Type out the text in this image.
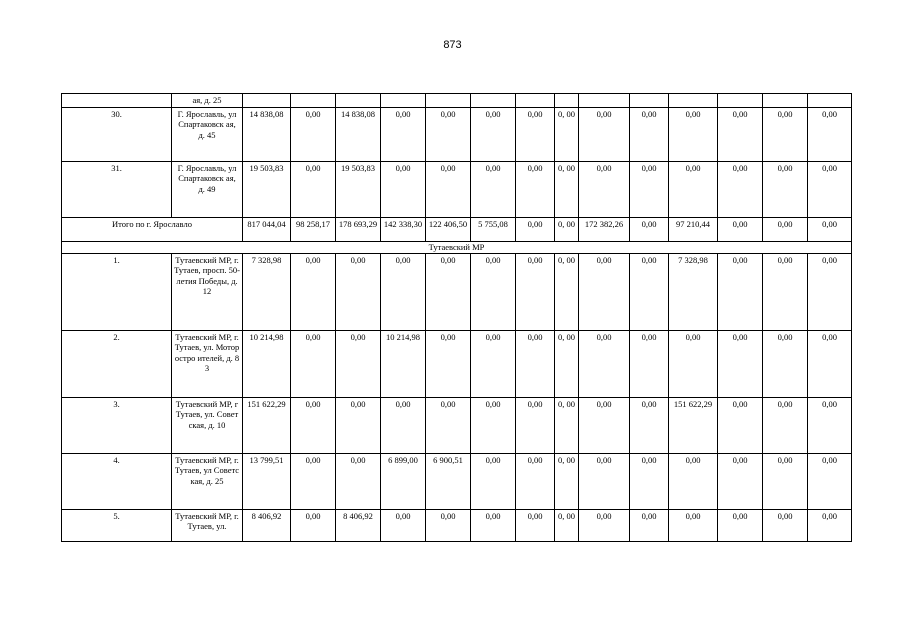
873
	ая, д. 25														
30.	Г. Ярославль, ул Спартаковск ая, д. 45	14 838,08	0,00	14 838,08	0,00	0,00	0,00	0,00	0, 00	0,00	0,00	0,00	0,00	0,00	0,00
31.	Г. Ярославль, ул Спартаковск ая, д. 49	19 503,83	0,00	19 503,83	0,00	0,00	0,00	0,00	0, 00	0,00	0,00	0,00	0,00	0,00	0,00
Итого по г. Ярославло		817 044,04	98 258,17	178 693,29	142 338,30	122 406,50	5 755,08	0,00	0, 00	172 382,26	0,00	97 210,44	0,00	0,00	0,00
Тутаевский МР															
1.	Тутаевский МР, г. Тутаев, просп. 50-летия Победы, д. 12	7 328,98	0,00	0,00	0,00	0,00	0,00	0,00	0, 00	0,00	0,00	7 328,98	0,00	0,00	0,00
2.	Тутаевский МР, г. Тутаев, ул. Моторостро ителей, д. 83	10 214,98	0,00	0,00	10 214,98	0,00	0,00	0,00	0, 00	0,00	0,00	0,00	0,00	0,00	0,00
3.	Тутаевский МР, г Тутаев, ул. Советская, д. 10	151 622,29	0,00	0,00	0,00	0,00	0,00	0,00	0, 00	0,00	0,00	151 622,29	0,00	0,00	0,00
4.	Тутаевский МР, г. Тутаев, ул Советская, д. 25	13 799,51	0,00	0,00	6 899,00	6 900,51	0,00	0,00	0, 00	0,00	0,00	0,00	0,00	0,00	0,00
5.	Тутаевский МР, г. Тутаев, ул.	8 406,92	0,00	8 406,92	0,00	0,00	0,00	0,00	0, 00	0,00	0,00	0,00	0,00	0,00	0,00
